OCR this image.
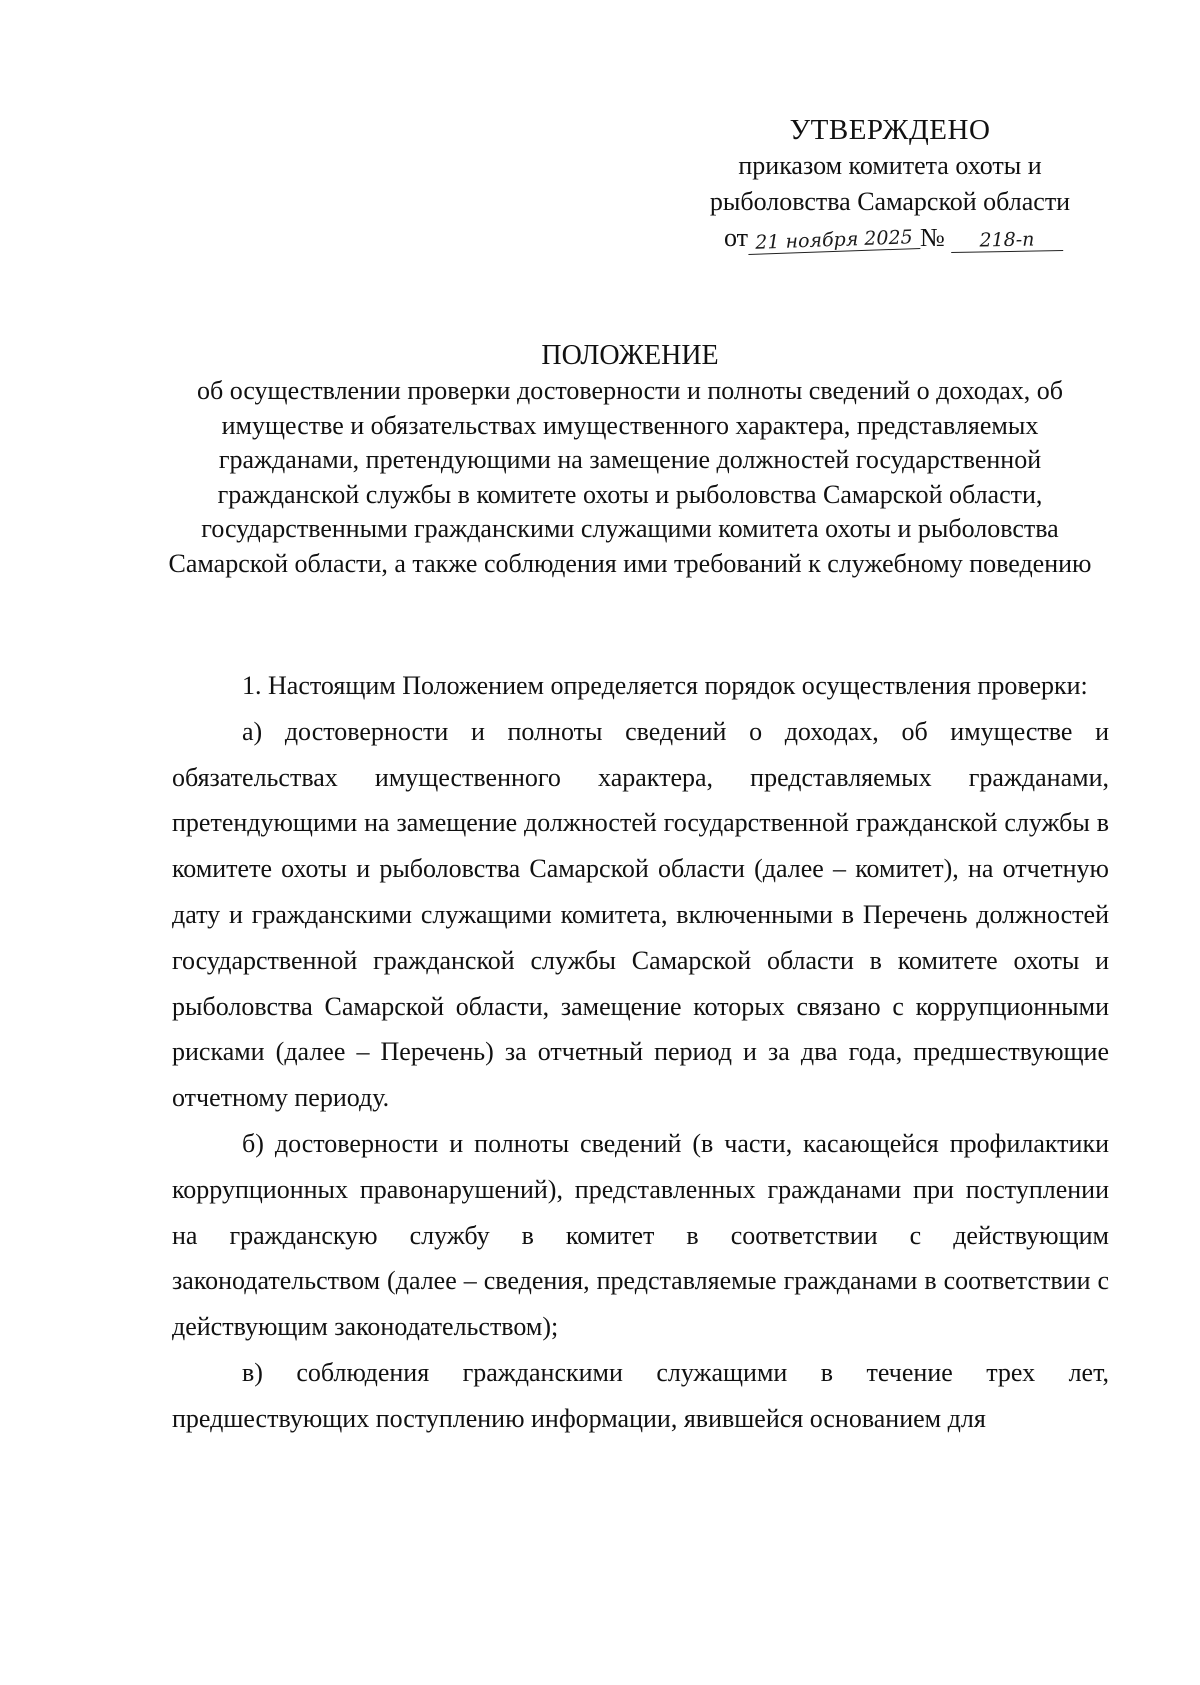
УТВЕРЖДЕНО
приказом комитета охоты и
рыболовства Самарской области
от 21 ноября 2025 № 218-п
ПОЛОЖЕНИЕ
об осуществлении проверки достоверности и полноты сведений о доходах, об имуществе и обязательствах имущественного характера, представляемых гражданами, претендующими на замещение должностей государственной гражданской службы в комитете охоты и рыболовства Самарской области, государственными гражданскими служащими комитета охоты и рыболовства Самарской области, а также соблюдения ими требований к служебному поведению

1. Настоящим Положением определяется порядок осуществления проверки:

а) достоверности и полноты сведений о доходах, об имуществе и обязательствах имущественного характера, представляемых гражданами, претендующими на замещение должностей государственной гражданской службы в комитете охоты и рыболовства Самарской области (далее – комитет), на отчетную дату и гражданскими служащими комитета, включенными в Перечень должностей государственной гражданской службы Самарской области в комитете охоты и рыболовства Самарской области, замещение которых связано с коррупционными рисками (далее – Перечень) за отчетный период и за два года, предшествующие отчетному периоду.

б) достоверности и полноты сведений (в части, касающейся профилактики коррупционных правонарушений), представленных гражданами при поступлении на гражданскую службу в комитет в соответствии с действующим законодательством (далее – сведения, представляемые гражданами в соответствии с действующим законодательством);

в) соблюдения гражданскими служащими в течение трех лет, предшествующих поступлению информации, явившейся основанием для
